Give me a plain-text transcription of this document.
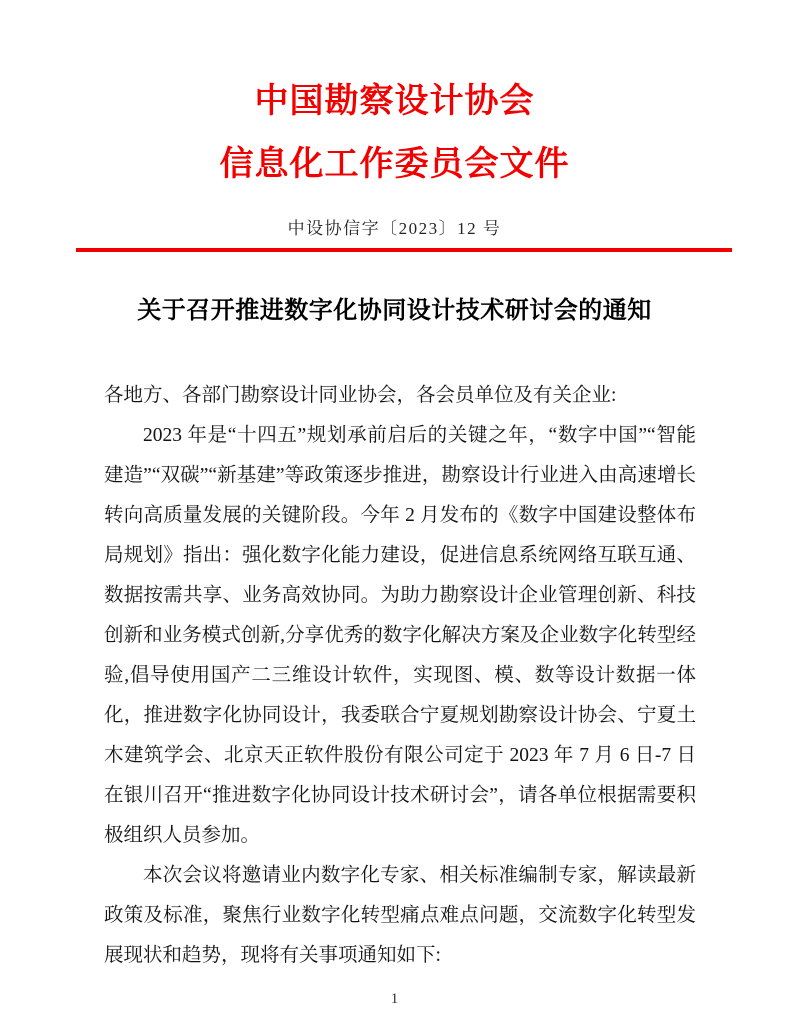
中国勘察设计协会
信息化工作委员会文件
中设协信字〔2023〕12 号
关于召开推进数字化协同设计技术研讨会的通知

各地方、各部门勘察设计同业协会，各会员单位及有关企业:

2023 年是“十四五”规划承前启后的关键之年，“数字中国”“智能建造”“双碳”“新基建”等政策逐步推进，勘察设计行业进入由高速增长转向高质量发展的关键阶段。今年 2 月发布的《数字中国建设整体布局规划》指出：强化数字化能力建设，促进信息系统网络互联互通、数据按需共享、业务高效协同。为助力勘察设计企业管理创新、科技创新和业务模式创新,分享优秀的数字化解决方案及企业数字化转型经验,倡导使用国产二三维设计软件，实现图、模、数等设计数据一体化，推进数字化协同设计，我委联合宁夏规划勘察设计协会、宁夏土木建筑学会、北京天正软件股份有限公司定于 2023 年 7 月 6 日-7 日在银川召开“推进数字化协同设计技术研讨会”，请各单位根据需要积极组织人员参加。

本次会议将邀请业内数字化专家、相关标准编制专家，解读最新政策及标准，聚焦行业数字化转型痛点难点问题，交流数字化转型发展现状和趋势，现将有关事项通知如下:

1
